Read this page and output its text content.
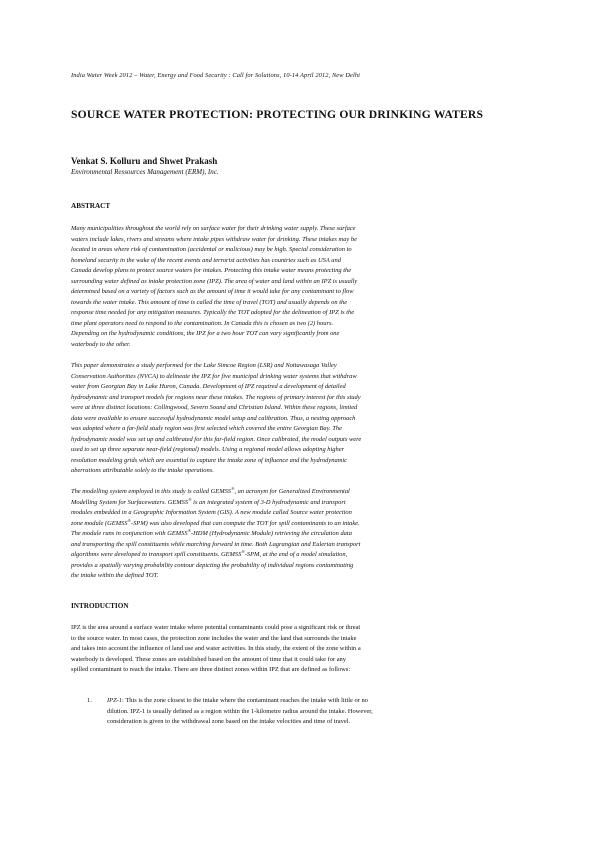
India Water Week 2012 – Water, Energy and Food Security : Call for Solutions, 10-14 April 2012, New Delhi
SOURCE WATER PROTECTION: PROTECTING OUR DRINKING WATERS
Venkat S. Kolluru and Shwet Prakash
Environmental Ressources Management (ERM), Inc.
ABSTRACT

Many municipalities throughout the world rely on surface water for their drinking water supply. These surface
waters include lakes, rivers and streams where intake pipes withdraw water for drinking. These intakes may be
located in areas where risk of contamination (accidental or malicious) may be high. Special consideration to
homeland security in the wake of the recent events and terrorist activities has countries such as USA and
Canada develop plans to protect source waters for intakes. Protecting this intake water means protecting the
surrounding water defined as intake protection zone (IPZ). The area of water and land within an IPZ is usually
determined based on a variety of factors such as the amount of time it would take for any contaminant to flow
towards the water intake. This amount of time is called the time of travel (TOT) and usually depends on the
response time needed for any mitigation measures. Typically the TOT adopted for the delineation of IPZ is the
time plant operators need to respond to the contamination. In Canada this is chosen as two (2) hours.
Depending on the hydrodynamic conditions, the IPZ for a two hour TOT can vary significantly from one
waterbody to the other.

This paper demonstrates a study performed for the Lake Simcoe Region (LSR) and Nottawasaga Valley
Conservation Authorities (NVCA) to delineate the IPZ for five municipal drinking water systems that withdraw
water from Georgian Bay in Lake Huron, Canada. Development of IPZ required a development of detailed
hydrodynamic and transport models for regions near these intakes. The regions of primary interest for this study
were at three distinct locations: Collingwood, Severn Sound and Christian Island. Within these regions, limited
data were available to ensure successful hydrodynamic model setup and calibration. Thus, a nesting approach
was adopted where a far-field study region was first selected which covered the entire Georgian Bay. The
hydrodynamic model was set up and calibrated for this far-field region. Once calibrated, the model outputs were
used to set up three separate near-field (regional) models. Using a regional model allows adopting higher
resolution modeling grids which are essential to capture the intake zone of influence and the hydrodynamic
aberrations attributable solely to the intake operations.

The modelling system employed in this study is called GEMSS®, an acronym for Generalized Environmental
Modelling System for Surfacewaters. GEMSS® is an integrated system of 3-D hydrodynamic and transport
modules embedded in a Geographic Information System (GIS). A new module called Source water protection
zone module (GEMSS®-SPM) was also developed that can compute the TOT for spill contaminants to an intake.
The module runs in conjunction with GEMSS®-HDM (Hydrodynamic Module) retrieving the circulation data
and transporting the spill constituents while marching forward in time. Both Lagrangian and Eulerian transport
algorithms were developed to transport spill constituents. GEMSS®-SPM, at the end of a model simulation,
provides a spatially varying probability contour depicting the probability of individual regions contaminating
the intake within the defined TOT.

INTRODUCTION

IPZ is the area around a surface water intake where potential contaminants could pose a significant risk or threat
to the source water. In most cases, the protection zone includes the water and the land that surrounds the intake
and takes into account the influence of land use and water activities. In this study, the extent of the zone within a
waterbody is developed. These zones are established based on the amount of time that it could take for any
spilled contaminant to reach the intake. There are three distinct zones within IPZ that are defined as follows:

1. IPZ-1: This is the zone closest to the intake where the contaminant reaches the intake with little or no
dilution. IPZ-1 is usually defined as a region within the 1-kilometre radius around the intake. However,
consideration is given to the withdrawal zone based on the intake velocities and time of travel.
